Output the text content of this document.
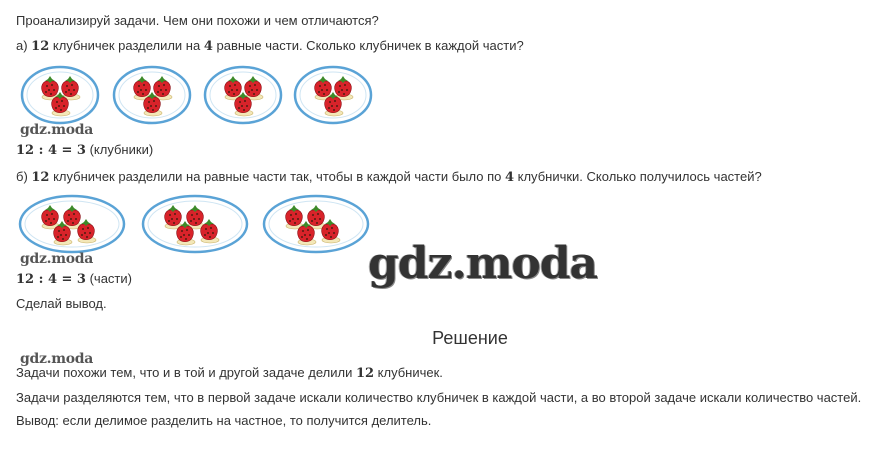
Проанализируй задачи. Чем они похожи и чем отличаются?
а) 12 клубничек разделили на 4 равные части. Сколько клубничек в каждой части?
gdz.moda
12 : 4 = 3 (клубники)
б) 12 клубничек разделили на равные части так, чтобы в каждой части было по 4 клубнички. Сколько получилось частей?
gdz.moda
12 : 4 = 3 (части)	gdz.moda
Сделай вывод.
Решение
gdz.moda
Задачи похожи тем, что и в той и другой задаче делили 12 клубничек.
Задачи разделяются тем, что в первой задаче искали количество клубничек в каждой части, а во второй задаче искали количество частей.
Вывод: если делимое разделить на частное, то получится делитель.
